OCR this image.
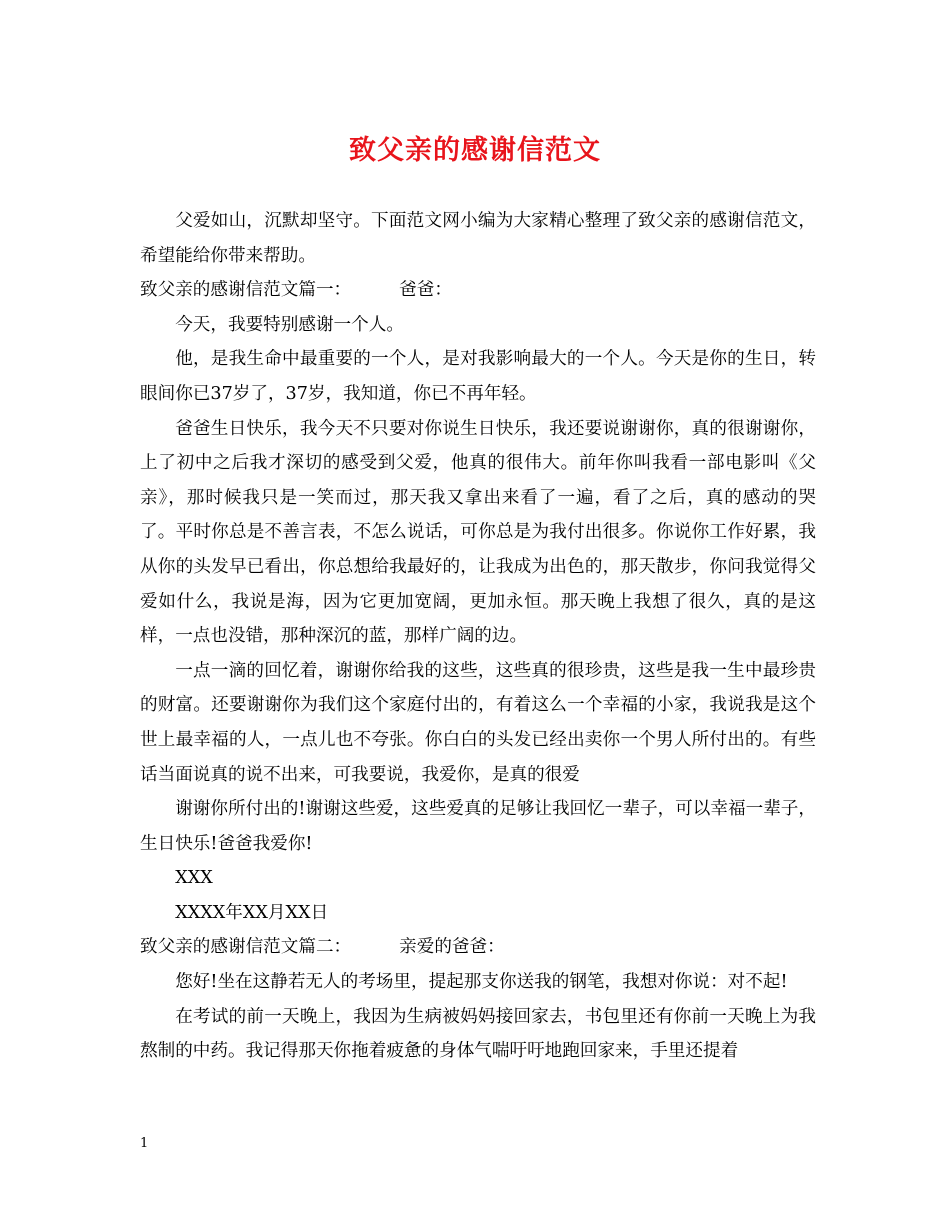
致父亲的感谢信范文

父爱如山，沉默却坚守。下面范文网小编为大家精心整理了致父亲的感谢信范文，希望能给你带来帮助。

致父亲的感谢信范文篇一：	爸爸：

今天，我要特别感谢一个人。

他，是我生命中最重要的一个人，是对我影响最大的一个人。今天是你的生日，转眼间你已37岁了，37岁，我知道，你已不再年轻。

爸爸生日快乐，我今天不只要对你说生日快乐，我还要说谢谢你，真的很谢谢你，上了初中之后我才深切的感受到父爱，他真的很伟大。前年你叫我看一部电影叫《父亲》，那时候我只是一笑而过，那天我又拿出来看了一遍，看了之后，真的感动的哭了。平时你总是不善言表，不怎么说话，可你总是为我付出很多。你说你工作好累，我从你的头发早已看出，你总想给我最好的，让我成为出色的，那天散步，你问我觉得父爱如什么，我说是海，因为它更加宽阔，更加永恒。那天晚上我想了很久，真的是这样，一点也没错，那种深沉的蓝，那样广阔的边。

一点一滴的回忆着，谢谢你给我的这些，这些真的很珍贵，这些是我一生中最珍贵的财富。还要谢谢你为我们这个家庭付出的，有着这么一个幸福的小家，我说我是这个世上最幸福的人，一点儿也不夸张。你白白的头发已经出卖你一个男人所付出的。有些话当面说真的说不出来，可我要说，我爱你，是真的很爱

谢谢你所付出的!谢谢这些爱，这些爱真的足够让我回忆一辈子，可以幸福一辈子，生日快乐!爸爸我爱你!

XXX

XXXX年XX月XX日

致父亲的感谢信范文篇二：	亲爱的爸爸：

您好!坐在这静若无人的考场里，提起那支你送我的钢笔，我想对你说：对不起!

在考试的前一天晚上，我因为生病被妈妈接回家去，书包里还有你前一天晚上为我熬制的中药。我记得那天你拖着疲惫的身体气喘吁吁地跑回家来，手里还提着

1
